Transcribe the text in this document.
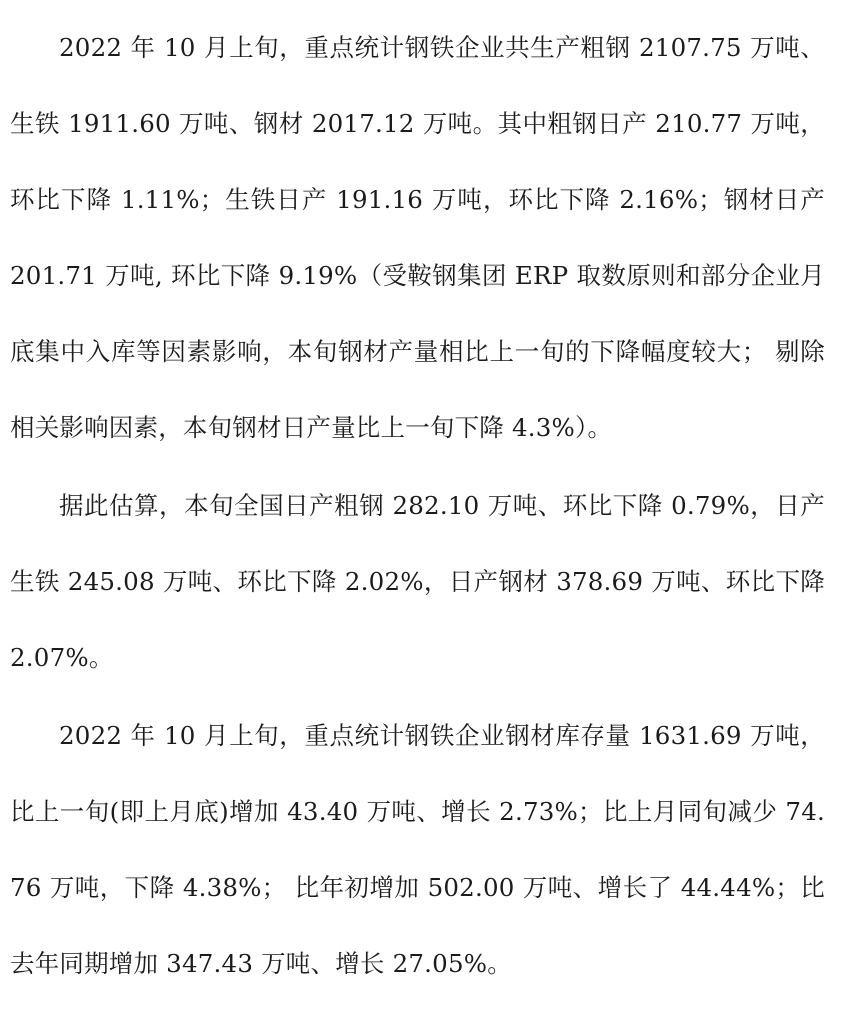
2022 年 10 月上旬，重点统计钢铁企业共生产粗钢 2107.75 万吨、生铁 1911.60 万吨、钢材 2017.12 万吨。其中粗钢日产 210.77 万吨，环比下降 1.11%；生铁日产 191.16 万吨，环比下降 2.16%；钢材日产 201.71 万吨, 环比下降 9.19%（受鞍钢集团 ERP 取数原则和部分企业月底集中入库等因素影响，本旬钢材产量相比上一旬的下降幅度较大； 剔除相关影响因素，本旬钢材日产量比上一旬下降 4.3%）。

据此估算，本旬全国日产粗钢 282.10 万吨、环比下降 0.79%，日产生铁 245.08 万吨、环比下降 2.02%，日产钢材 378.69 万吨、环比下降 2.07%。

2022 年 10 月上旬，重点统计钢铁企业钢材库存量 1631.69 万吨，比上一旬(即上月底)增加 43.40 万吨、增长 2.73%；比上月同旬减少 74.76 万吨，下降 4.38%； 比年初增加 502.00 万吨、增长了 44.44%；比去年同期增加 347.43 万吨、增长 27.05%。
